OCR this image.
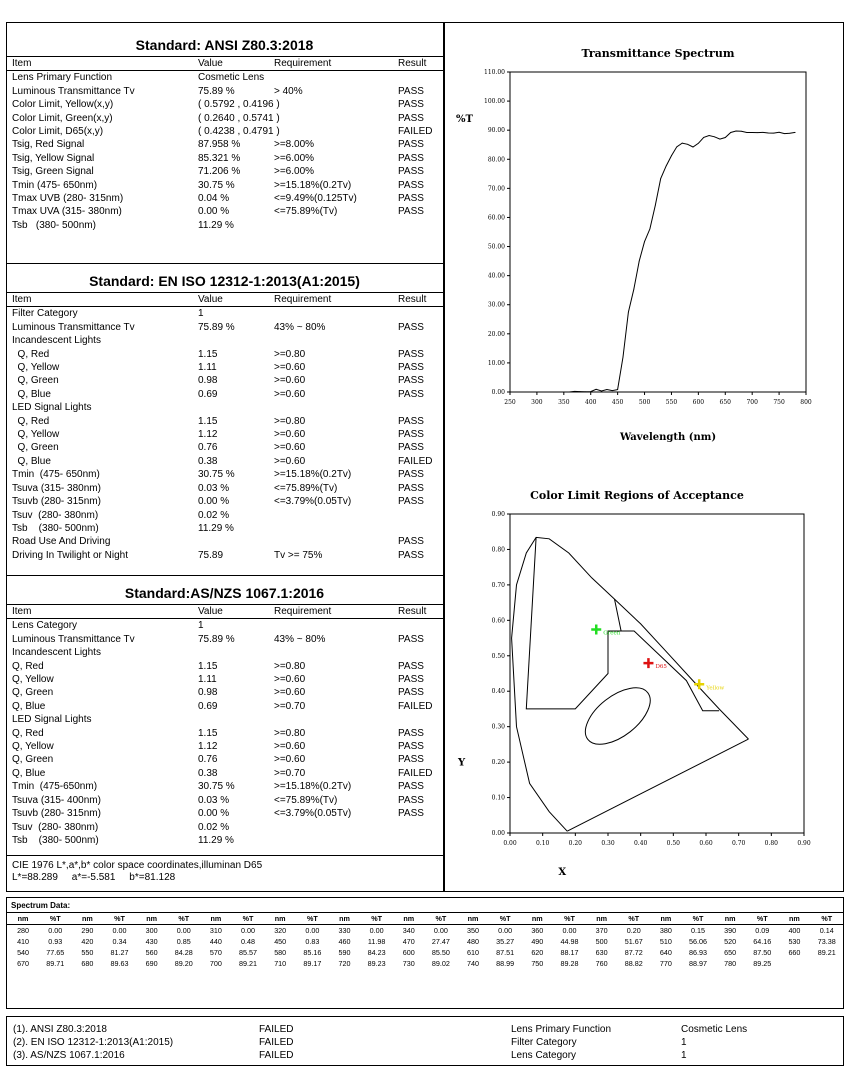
Standard: ANSI Z80.3:2018
Item	Value	Requirement	Result
Lens Primary Function	Cosmetic Lens		
Luminous Transmittance Tv	75.89 %	> 40%	PASS
Color Limit, Yellow(x,y)	( 0.5792 , 0.4196 )		PASS
Color Limit, Green(x,y)	( 0.2640 , 0.5741 )		PASS
Color Limit, D65(x,y)	( 0.4238 , 0.4791 )		FAILED
Tsig, Red Signal	87.958 %	>=8.00%	PASS
Tsig, Yellow Signal	85.321 %	>=6.00%	PASS
Tsig, Green Signal	71.206 %	>=6.00%	PASS
Tmin (475- 650nm)	30.75 %	>=15.18%(0.2Tv)	PASS
Tmax UVB (280- 315nm)	0.04 %	<=9.49%(0.125Tv)	PASS
Tmax UVA (315- 380nm)	0.00 %	<=75.89%(Tv)	PASS
Tsb   (380- 500nm)	11.29 %		
Standard: EN ISO 12312-1:2013(A1:2015)
Item	Value	Requirement	Result
Filter Category	1		
Luminous Transmittance Tv	75.89 %	43% ~ 80%	PASS
Incandescent Lights			
Q, Red	1.15	>=0.80	PASS
Q, Yellow	1.11	>=0.60	PASS
Q, Green	0.98	>=0.60	PASS
Q, Blue	0.69	>=0.60	PASS
LED Signal Lights			
Q, Red	1.15	>=0.80	PASS
Q, Yellow	1.12	>=0.60	PASS
Q, Green	0.76	>=0.60	PASS
Q, Blue	0.38	>=0.60	FAILED
Tmin  (475- 650nm)	30.75 %	>=15.18%(0.2Tv)	PASS
Tsuva (315- 380nm)	0.03 %	<=75.89%(Tv)	PASS
Tsuvb (280- 315nm)	0.00 %	<=3.79%(0.05Tv)	PASS
Tsuv  (280- 380nm)	0.02 %		
Tsb    (380- 500nm)	11.29 %		
Road Use And Driving			PASS
Driving In Twilight or Night	75.89	Tv >= 75%	PASS
Standard:AS/NZS 1067.1:2016
Item	Value	Requirement	Result
Lens Category	1		
Luminous Transmittance Tv	75.89 %	43% ~ 80%	PASS
Incandescent Lights			
Q, Red	1.15	>=0.80	PASS
Q, Yellow	1.11	>=0.60	PASS
Q, Green	0.98	>=0.60	PASS
Q, Blue	0.69	>=0.70	FAILED
LED Signal Lights			
Q, Red	1.15	>=0.80	PASS
Q, Yellow	1.12	>=0.60	PASS
Q, Green	0.76	>=0.60	PASS
Q, Blue	0.38	>=0.70	FAILED
Tmin  (475-650nm)	30.75 %	>=15.18%(0.2Tv)	PASS
Tsuva (315- 400nm)	0.03 %	<=75.89%(Tv)	PASS
Tsuvb (280- 315nm)	0.00 %	<=3.79%(0.05Tv)	PASS
Tsuv  (280- 380nm)	0.02 %		
Tsb    (380- 500nm)	11.29 %		
CIE 1976 L*,a*,b* color space coordinates,illuminan D65
L*=88.289     a*=-5.581     b*=81.128
Transmittance Spectrum
0.00
10.00
20.00
30.00
40.00
50.00
60.00
70.00
80.00
90.00
100.00
110.00
250	300	350	400	450	500	550	600	650	700	750	800
%T
Wavelength (nm)
Color Limit Regions of Acceptance
0.00
0.10
0.20
0.30
0.40
0.50
0.60
0.70
0.80
0.90
0.00	0.10	0.20	0.30	0.40	0.50	0.60	0.70	0.80	0.90
Y
X
Green
D65
Yellow
Spectrum Data:
nm	%T	nm	%T	nm	%T	nm	%T	nm	%T	nm	%T	nm	%T	nm	%T	nm	%T	nm	%T	nm	%T	nm	%T	nm	%T
280	0.00	290	0.00	300	0.00	310	0.00	320	0.00	330	0.00	340	0.00	350	0.00	360	0.00	370	0.20	380	0.15	390	0.09	400	0.14
410	0.93	420	0.34	430	0.85	440	0.48	450	0.83	460	11.98	470	27.47	480	35.27	490	44.98	500	51.67	510	56.06	520	64.16	530	73.38
540	77.65	550	81.27	560	84.28	570	85.57	580	85.16	590	84.23	600	85.50	610	87.51	620	88.17	630	87.72	640	86.93	650	87.50	660	89.21
670	89.71	680	89.63	690	89.20	700	89.21	710	89.17	720	89.23	730	89.02	740	88.99	750	89.28	760	88.82	770	88.97	780	89.25		
(1). ANSI Z80.3:2018	FAILED	Lens Primary Function	Cosmetic Lens
(2). EN ISO 12312-1:2013(A1:2015)	FAILED	Filter Category	1
(3). AS/NZS 1067.1:2016	FAILED	Lens Category	1
